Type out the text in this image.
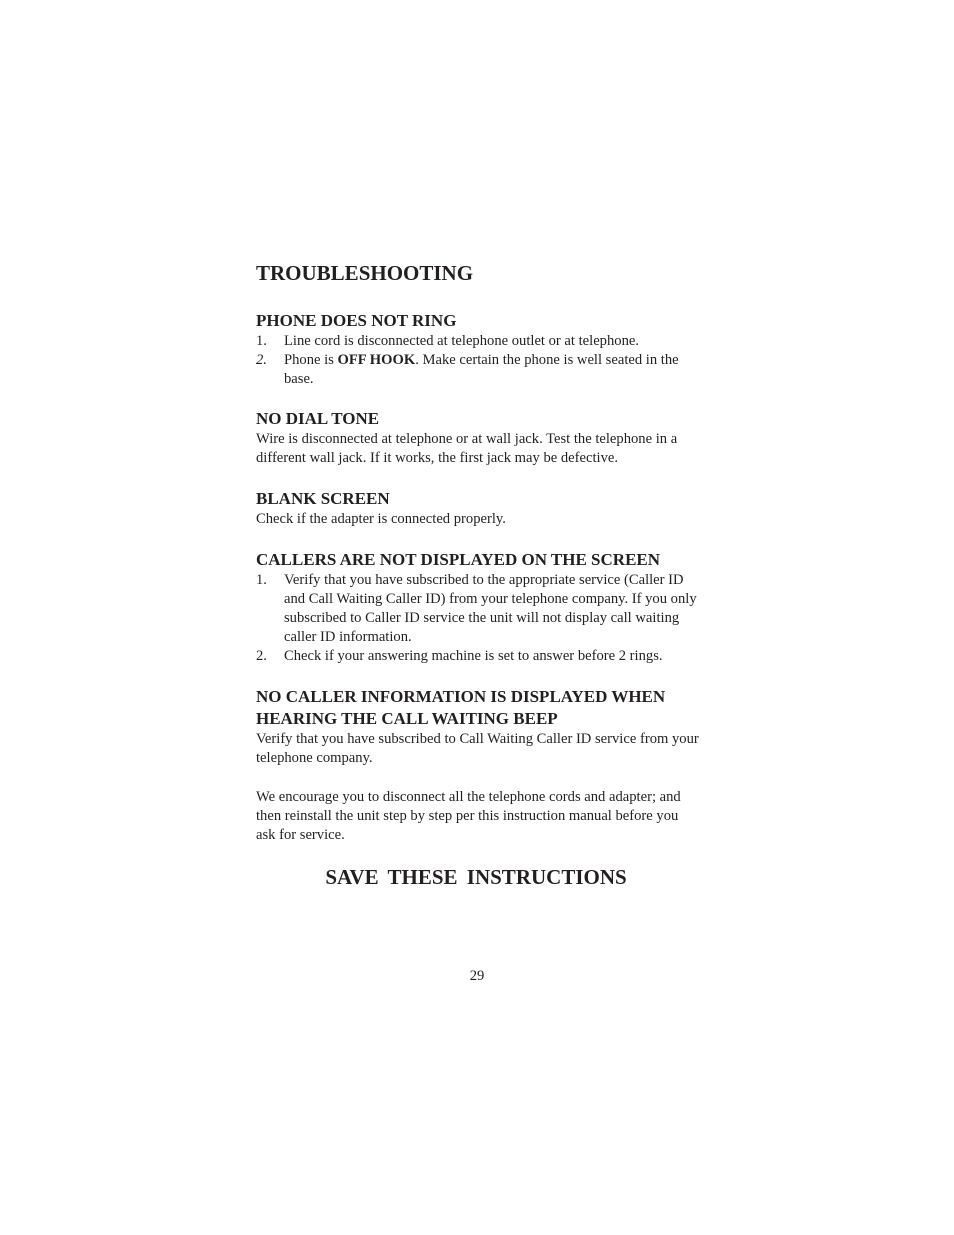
TROUBLESHOOTING
PHONE DOES NOT RING
1. Line cord is disconnected at telephone outlet or at telephone.
2. Phone is OFF HOOK. Make certain the phone is well seated in the base.
NO DIAL TONE

Wire is disconnected at telephone or at wall jack. Test the telephone in a different wall jack. If it works, the first jack may be defective.

BLANK SCREEN

Check if the adapter is connected properly.

CALLERS ARE NOT DISPLAYED ON THE SCREEN
1. Verify that you have subscribed to the appropriate service (Caller ID and Call Waiting Caller ID) from your telephone company. If you only subscribed to Caller ID service the unit will not display call waiting caller ID information.
2. Check if your answering machine is set to answer before 2 rings.
NO CALLER INFORMATION IS DISPLAYED WHEN HEARING THE CALL WAITING BEEP

Verify that you have subscribed to Call Waiting Caller ID service from your telephone company.

We encourage you to disconnect all the telephone cords and adapter; and then reinstall the unit step by step per this instruction manual before you ask for service.

SAVE THESE INSTRUCTIONS
29
